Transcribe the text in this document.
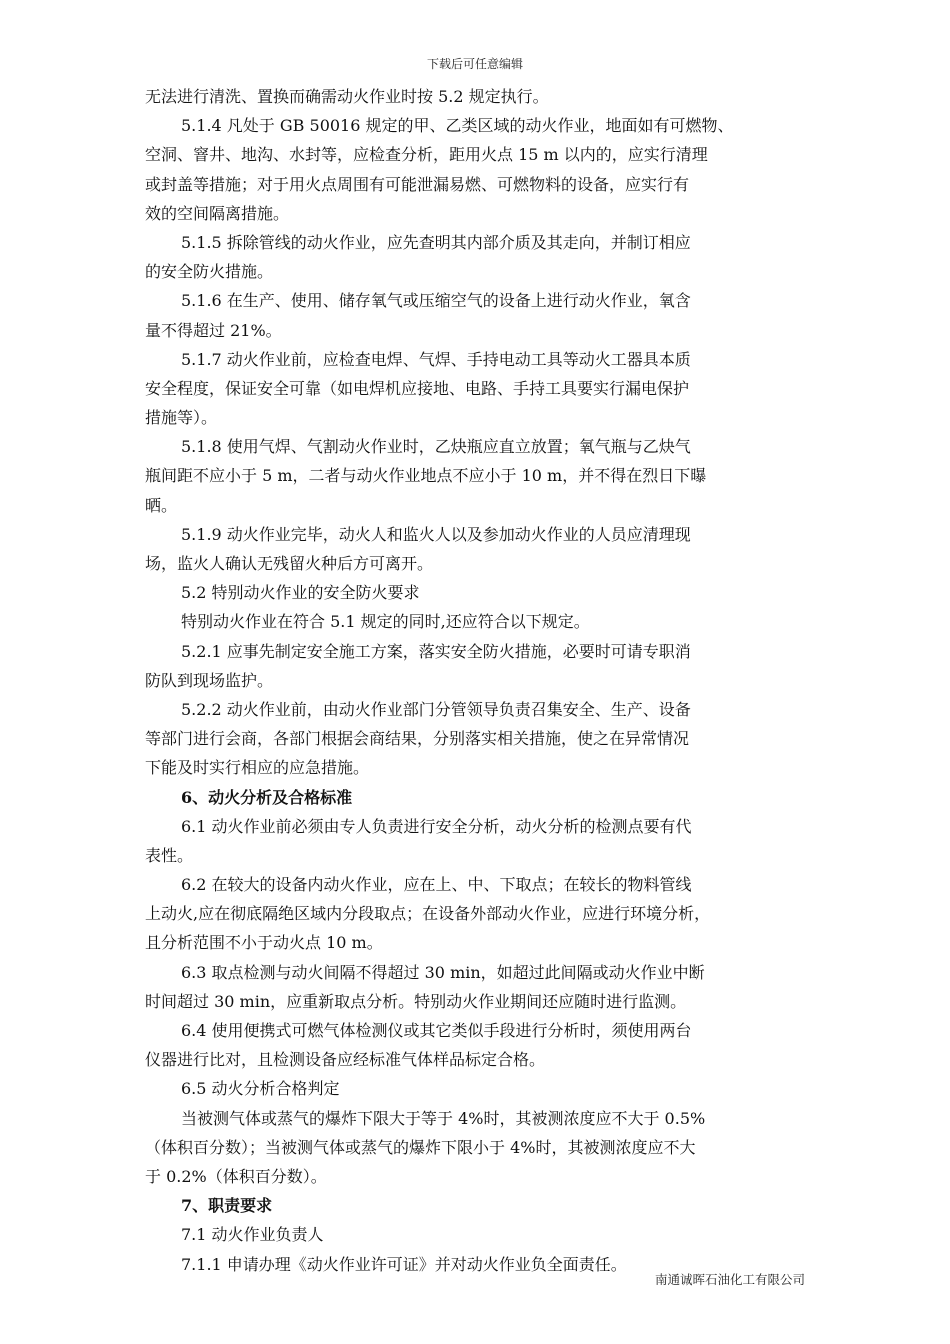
下载后可任意编辑
无法进行清洗、置换而确需动火作业时按 5.2 规定执行。
5.1.4 凡处于 GB 50016 规定的甲、乙类区域的动火作业，地面如有可燃物、
空洞、窨井、地沟、水封等，应检查分析，距用火点 15 m 以内的，应实行清理
或封盖等措施；对于用火点周围有可能泄漏易燃、可燃物料的设备，应实行有
效的空间隔离措施。
5.1.5 拆除管线的动火作业，应先查明其内部介质及其走向，并制订相应
的安全防火措施。
5.1.6 在生产、使用、储存氧气或压缩空气的设备上进行动火作业，氧含
量不得超过 21%。
5.1.7 动火作业前，应检查电焊、气焊、手持电动工具等动火工器具本质
安全程度，保证安全可靠（如电焊机应接地、电路、手持工具要实行漏电保护
措施等）。
5.1.8 使用气焊、气割动火作业时，乙炔瓶应直立放置；氧气瓶与乙炔气
瓶间距不应小于 5 m，二者与动火作业地点不应小于 10 m，并不得在烈日下曝
晒。
5.1.9 动火作业完毕，动火人和监火人以及参加动火作业的人员应清理现
场，监火人确认无残留火种后方可离开。
5.2 特别动火作业的安全防火要求
特别动火作业在符合 5.1 规定的同时,还应符合以下规定。
5.2.1 应事先制定安全施工方案，落实安全防火措施，必要时可请专职消
防队到现场监护。
5.2.2 动火作业前，由动火作业部门分管领导负责召集安全、生产、设备
等部门进行会商，各部门根据会商结果，分别落实相关措施，使之在异常情况
下能及时实行相应的应急措施。
6、动火分析及合格标准
6.1 动火作业前必须由专人负责进行安全分析，动火分析的检测点要有代
表性。
6.2 在较大的设备内动火作业，应在上、中、下取点；在较长的物料管线
上动火,应在彻底隔绝区域内分段取点；在设备外部动火作业，应进行环境分析，
且分析范围不小于动火点 10 m。
6.3 取点检测与动火间隔不得超过 30 min，如超过此间隔或动火作业中断
时间超过 30 min，应重新取点分析。特别动火作业期间还应随时进行监测。
6.4 使用便携式可燃气体检测仪或其它类似手段进行分析时，须使用两台
仪器进行比对，且检测设备应经标准气体样品标定合格。
6.5 动火分析合格判定
当被测气体或蒸气的爆炸下限大于等于 4%时，其被测浓度应不大于 0.5%
（体积百分数）；当被测气体或蒸气的爆炸下限小于 4%时，其被测浓度应不大
于 0.2%（体积百分数）。
7、职责要求
7.1 动火作业负责人
7.1.1 申请办理《动火作业许可证》并对动火作业负全面责任。
南通诚晖石油化工有限公司
